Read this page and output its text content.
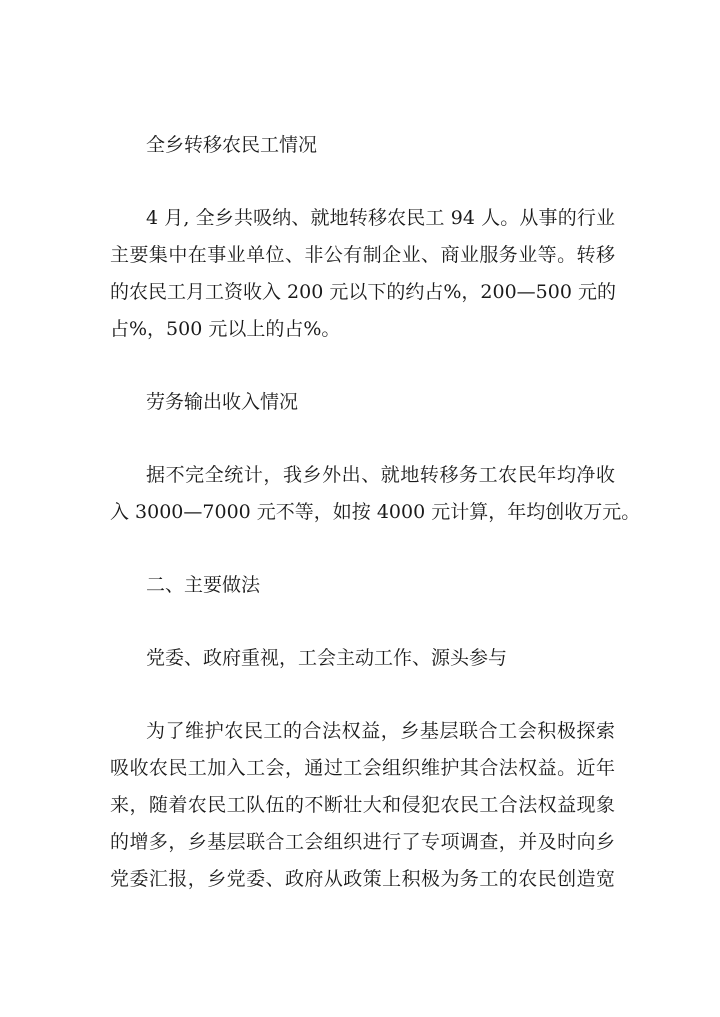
全乡转移农民工情况
4 月, 全乡共吸纳、就地转移农民工 94 人。从事的行业
主要集中在事业单位、非公有制企业、商业服务业等。转移
的农民工月工资收入 200 元以下的约占%，200—500 元的
占%，500 元以上的占%。
劳务输出收入情况
据不完全统计，我乡外出、就地转移务工农民年均净收
入 3000—7000 元不等，如按 4000 元计算，年均创收万元。
二、主要做法
党委、政府重视，工会主动工作、源头参与
为了维护农民工的合法权益，乡基层联合工会积极探索
吸收农民工加入工会，通过工会组织维护其合法权益。近年
来，随着农民工队伍的不断壮大和侵犯农民工合法权益现象
的增多，乡基层联合工会组织进行了专项调查，并及时向乡
党委汇报，乡党委、政府从政策上积极为务工的农民创造宽
